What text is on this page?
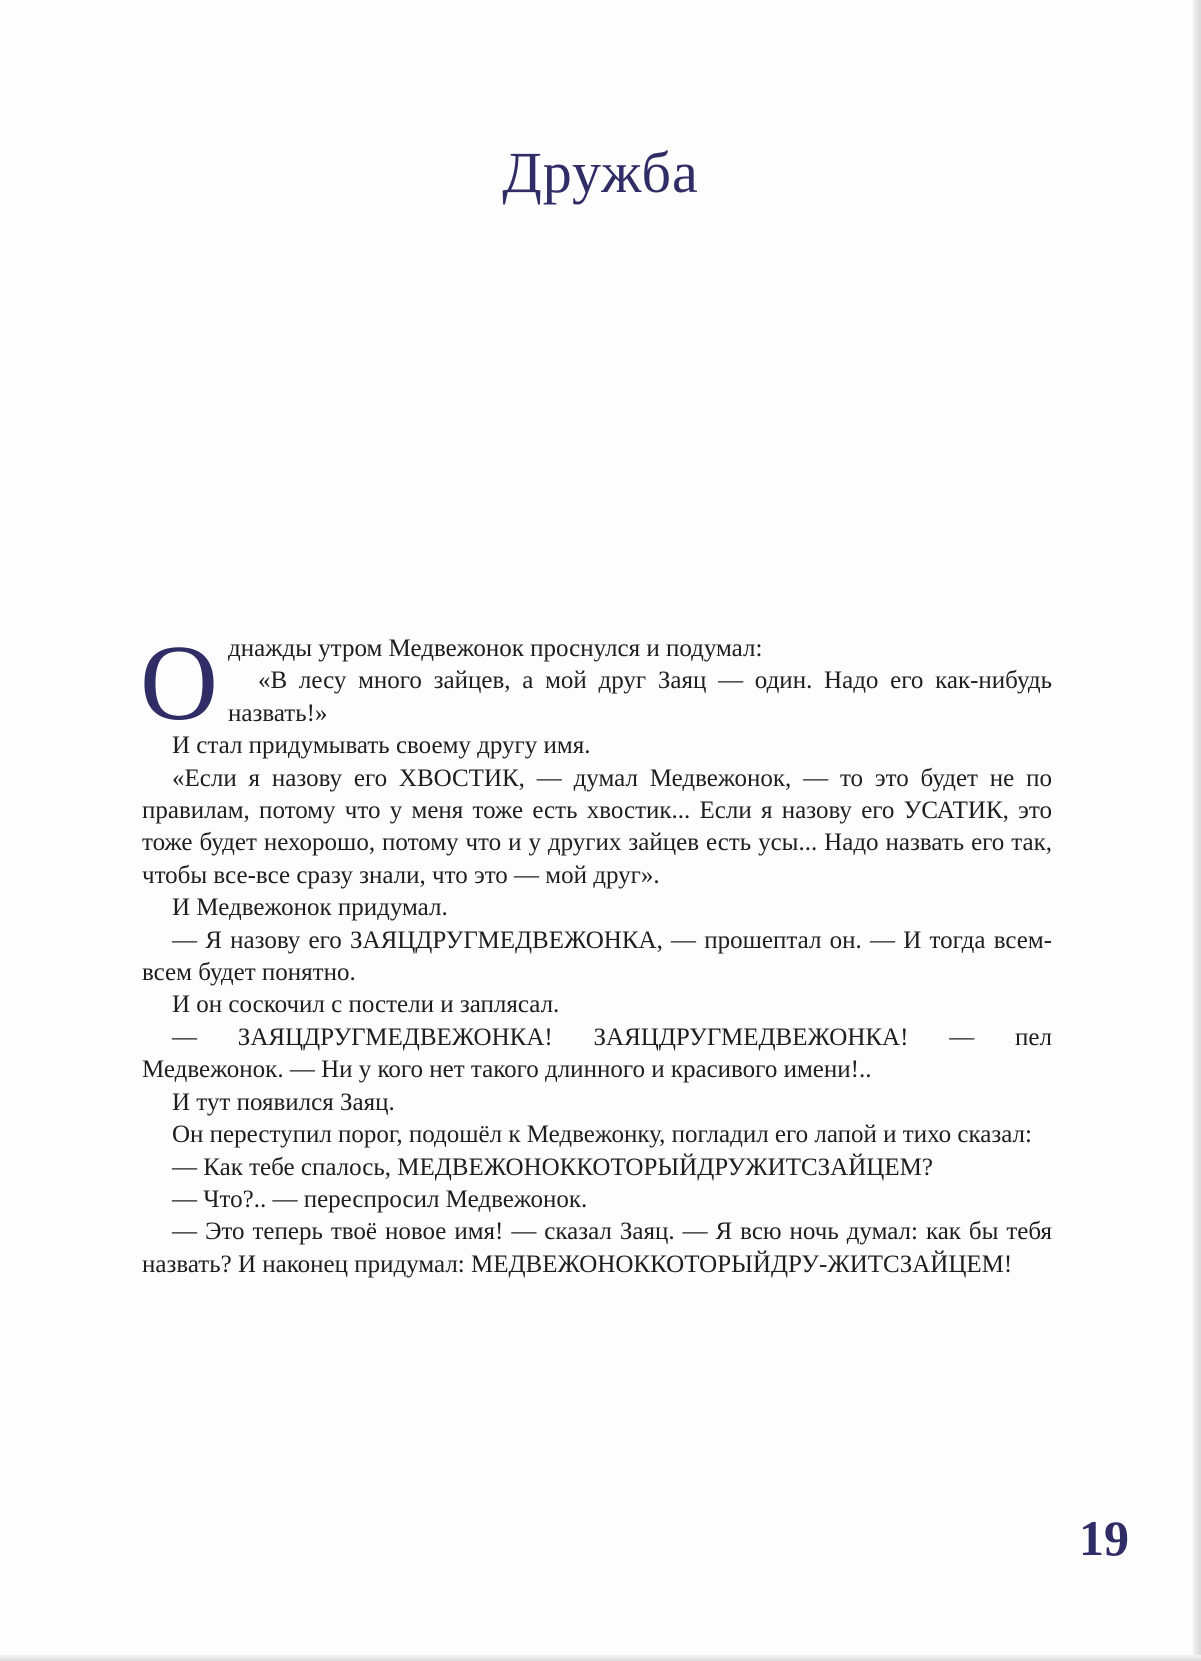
Дружба
О днажды утром Медвежонок проснулся и подумал:

«В лесу много зайцев, а мой друг Заяц — один. Надо его как-нибудь назвать!»

И стал придумывать своему другу имя.

«Если я назову его ХВОСТИК, — думал Медвежонок, — то это будет не по правилам, потому что у меня тоже есть хвостик... Если я назову его УСАТИК, это тоже будет нехорошо, потому что и у других зайцев есть усы... Надо назвать его так, чтобы все-все сразу знали, что это — мой друг».

И Медвежонок придумал.

— Я назову его ЗАЯЦДРУГМЕДВЕЖОНКА, — прошептал он. — И тогда всем-всем будет понятно.

И он соскочил с постели и заплясал.

— ЗАЯЦДРУГМЕДВЕЖОНКА! ЗАЯЦДРУГМЕДВЕЖОНКА! — пел Медвежонок. — Ни у кого нет такого длинного и красивого имени!..

И тут появился Заяц.

Он переступил порог, подошёл к Медвежонку, погладил его лапой и тихо сказал:

— Как тебе спалось, МЕДВЕЖОНОККОТОРЫЙДРУЖИТСЗАЙЦЕМ?

— Что?.. — переспросил Медвежонок.

— Это теперь твоё новое имя! — сказал Заяц. — Я всю ночь думал: как бы тебя назвать? И наконец придумал: МЕДВЕЖОНОККОТОРЫЙДРУ-ЖИТСЗАЙЦЕМ!

19
